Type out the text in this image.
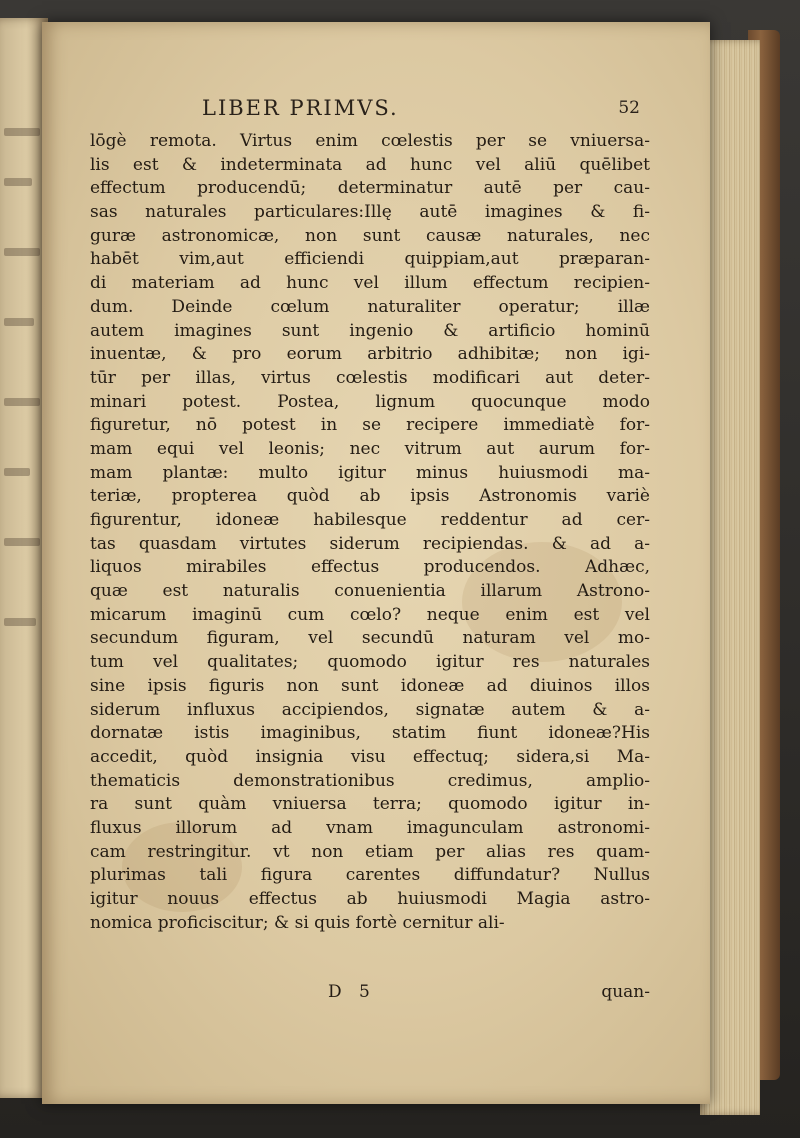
LIBER PRIMVS.	52
lōgè remota. Virtus enim cœlestis per se vniuersa-
lis est & indeterminata ad hunc vel aliū quēlibet
effectum producendū; determinatur autē per cau-
sas naturales particulares:Illę autē imagines & fi-
guræ astronomicæ, non sunt causæ naturales, nec
habēt vim,aut efficiendi quippiam,aut præparan-
di materiam ad hunc vel illum effectum recipien-
dum. Deinde cœlum naturaliter operatur; illæ
autem imagines sunt ingenio & artificio hominū
inuentæ, & pro eorum arbitrio adhibitæ; non igi-
tūr per illas, virtus cœlestis modificari aut deter-
minari potest. Postea, lignum quocunque modo
figuretur, nō potest in se recipere immediatè for-
mam equi vel leonis; nec vitrum aut aurum for-
mam plantæ: multo igitur minus huiusmodi ma-
teriæ, propterea quòd ab ipsis Astronomis variè
figurentur, idoneæ habilesque reddentur ad cer-
tas quasdam virtutes siderum recipiendas. & ad a-
liquos mirabiles effectus producendos. Adhæc,
quæ est naturalis conuenientia illarum Astrono-
micarum imaginū cum cœlo? neque enim est vel
secundum figuram, vel secundū naturam vel mo-
tum vel qualitates; quomodo igitur res naturales
sine ipsis figuris non sunt idoneæ ad diuinos illos
siderum influxus accipiendos, signatæ autem & a-
dornatæ istis imaginibus, statim fiunt idoneæ?His
accedit, quòd insignia visu effectuq; sidera,si Ma-
thematicis demonstrationibus credimus, amplio-
ra sunt quàm vniuersa terra; quomodo igitur in-
fluxus illorum ad vnam imagunculam astronomi-
cam restringitur. vt non etiam per alias res quam-
plurimas tali figura carentes diffundatur? Nullus
igitur nouus effectus ab huiusmodi Magia astro-
nomica proficiscitur; & si quis fortè cernitur ali-
D 5	quan-
